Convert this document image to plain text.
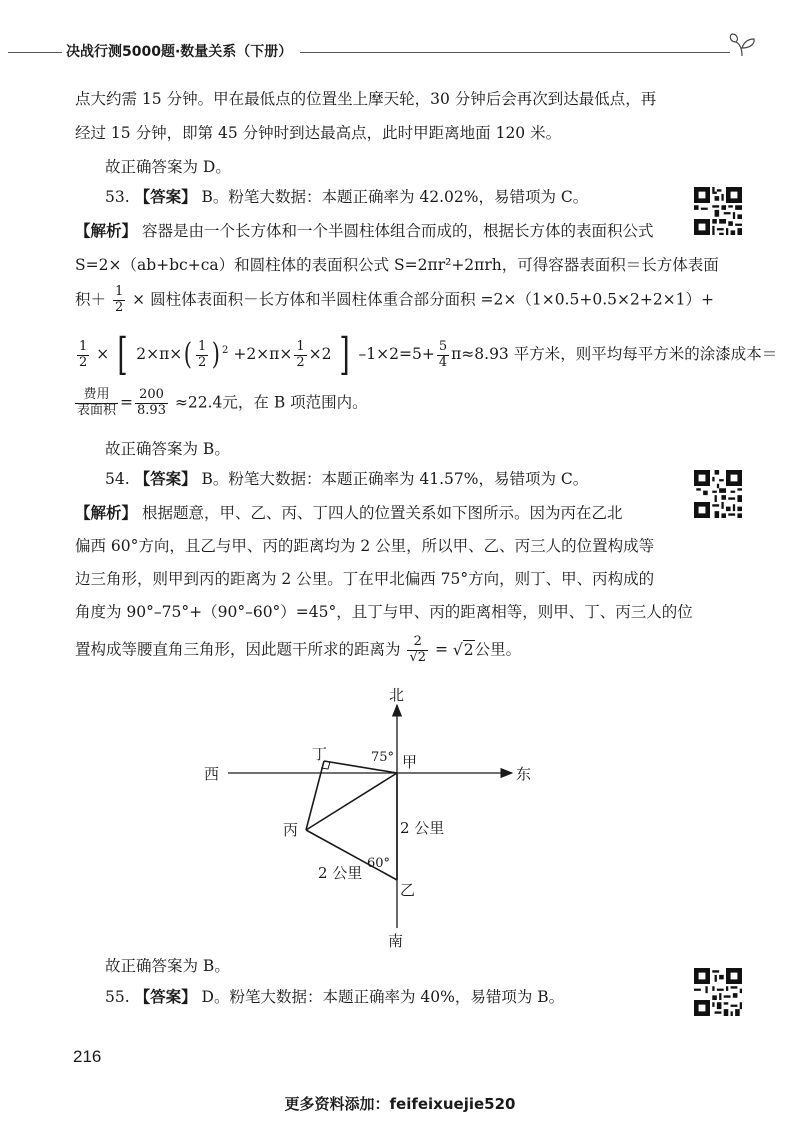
决战行测5000题·数量关系（下册）
点大约需 15 分钟。甲在最低点的位置坐上摩天轮，30 分钟后会再次到达最低点，再
经过 15 分钟，即第 45 分钟时到达最高点，此时甲距离地面 120 米。
故正确答案为 D。
53. 【答案】 B。粉笔大数据：本题正确率为 42.02%，易错项为 C。
【解析】 容器是由一个长方体和一个半圆柱体组合而成的，根据长方体的表面积公式
S=2×（ab+bc+ca）和圆柱体的表面积公式 S=2πr²+2πrh，可得容器表面积＝长方体表面
积＋ $\frac{1}{2}$ × 圆柱体表面积－长方体和半圆柱体重合部分面积 =2×（1×0.5+0.5×2+2×1）+
$\frac{1}{2}$ × [ $2\times\pi\times( \frac{1}{2}$ ) $^2 +2\times\pi\times \frac{1}{2} \times 2$ ] $-1\times 2=5+ \frac{5}{4} \pi\approx 8.93$ 平方米，则平均每平方米的涂漆成本＝
$\frac{\text{费用}}{\text{表面积}} = \frac{200}{8.93} \approx 22.4$元，在 B 项范围内。
故正确答案为 B。
54. 【答案】 B。粉笔大数据：本题正确率为 41.57%，易错项为 C。
【解析】 根据题意，甲、乙、丙、丁四人的位置关系如下图所示。因为丙在乙北
偏西 60°方向，且乙与甲、丙的距离均为 2 公里，所以甲、乙、丙三人的位置构成等
边三角形，则甲到丙的距离为 2 公里。丁在甲北偏西 75°方向，则丁、甲、丙构成的
角度为 90°–75°+（90°–60°）=45°，且丁与甲、丙的距离相等，则甲、丁、丙三人的位
置构成等腰直角三角形，因此题干所求的距离为 $\frac{2}{√2} = √2$公里。
北
南
东
西
甲
乙
丙
丁	75°
60°
2 公里
2 公里
故正确答案为 B。
55. 【答案】 D。粉笔大数据：本题正确率为 40%，易错项为 B。
216
更多资料添加：feifeixuejie520
